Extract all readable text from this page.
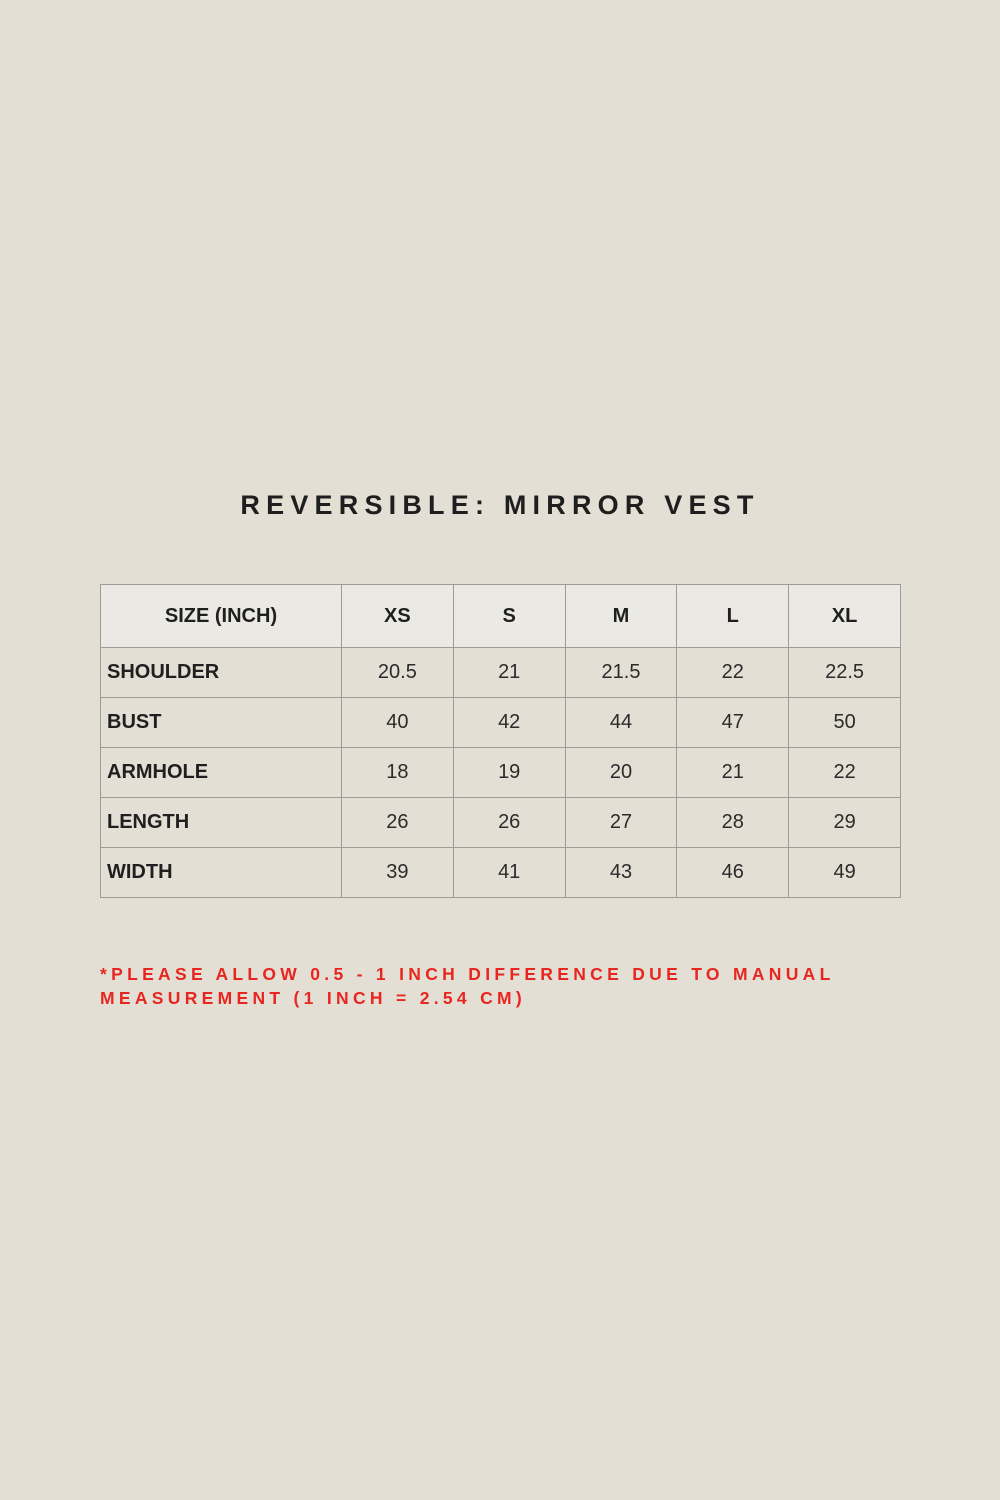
REVERSIBLE: MIRROR VEST
SIZE (INCH)	XS	S	M	L	XL
SHOULDER	20.5	21	21.5	22	22.5
BUST	40	42	44	47	50
ARMHOLE	18	19	20	21	22
LENGTH	26	26	27	28	29
WIDTH	39	41	43	46	49

*PLEASE ALLOW 0.5 - 1 INCH DIFFERENCE DUE TO MANUAL
MEASUREMENT (1 INCH = 2.54 CM)
